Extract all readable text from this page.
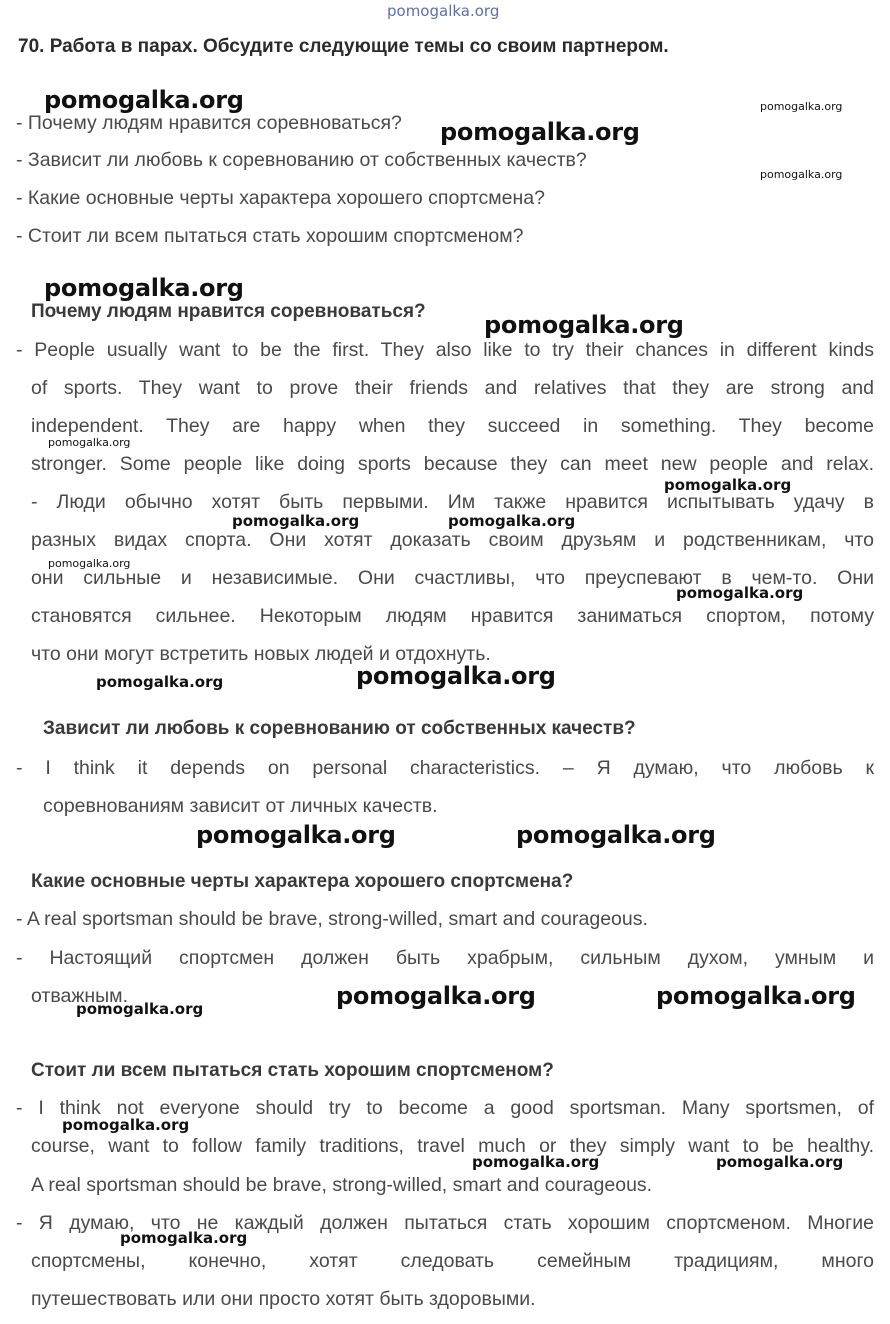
pomogalka.org
70. Работа в парах. Обсудите следующие темы со своим партнером.
- Почему людям нравится соревноваться?
- Зависит ли любовь к соревнованию от собственных качеств?
- Какие основные черты характера хорошего спортсмена?
- Стоит ли всем пытаться стать хорошим спортсменом?
Почему людям нравится соревноваться?
- People usually want to be the first. They also like to try their chances in different kinds
of sports. They want to prove their friends and relatives that they are strong and
independent. They are happy when they succeed in something. They become
stronger. Some people like doing sports because they can meet new people and relax.
- Люди обычно хотят быть первыми. Им также нравится испытывать удачу в
разных видах спорта. Они хотят доказать своим друзьям и родственникам, что
они сильные и независимые. Они счастливы, что преуспевают в чем-то. Они
становятся сильнее. Некоторым людям нравится заниматься спортом, потому
что они могут встретить новых людей и отдохнуть.
Зависит ли любовь к соревнованию от собственных качеств?
- I think it depends on personal characteristics. – Я думаю, что любовь к
соревнованиям зависит от личных качеств.
Какие основные черты характера хорошего спортсмена?
- A real sportsman should be brave, strong-willed, smart and courageous.
- Настоящий спортсмен должен быть храбрым, сильным духом, умным и
отважным.
Стоит ли всем пытаться стать хорошим спортсменом?
- I think not everyone should try to become a good sportsman. Many sportsmen, of
course, want to follow family traditions, travel much or they simply want to be healthy.
A real sportsman should be brave, strong-willed, smart and courageous.
- Я думаю, что не каждый должен пытаться стать хорошим спортсменом. Многие
спортсмены, конечно, хотят следовать семейным традициям, много
путешествовать или они просто хотят быть здоровыми.
pomogalka.org	pomogalka.org
pomogalka.org
pomogalka.org
pomogalka.org
pomogalka.org
pomogalka.org
pomogalka.org
pomogalka.org	pomogalka.org
pomogalka.org
pomogalka.org
pomogalka.org	pomogalka.org
pomogalka.org	pomogalka.org
pomogalka.org	pomogalka.org
pomogalka.org
pomogalka.org
pomogalka.org	pomogalka.org
pomogalka.org
